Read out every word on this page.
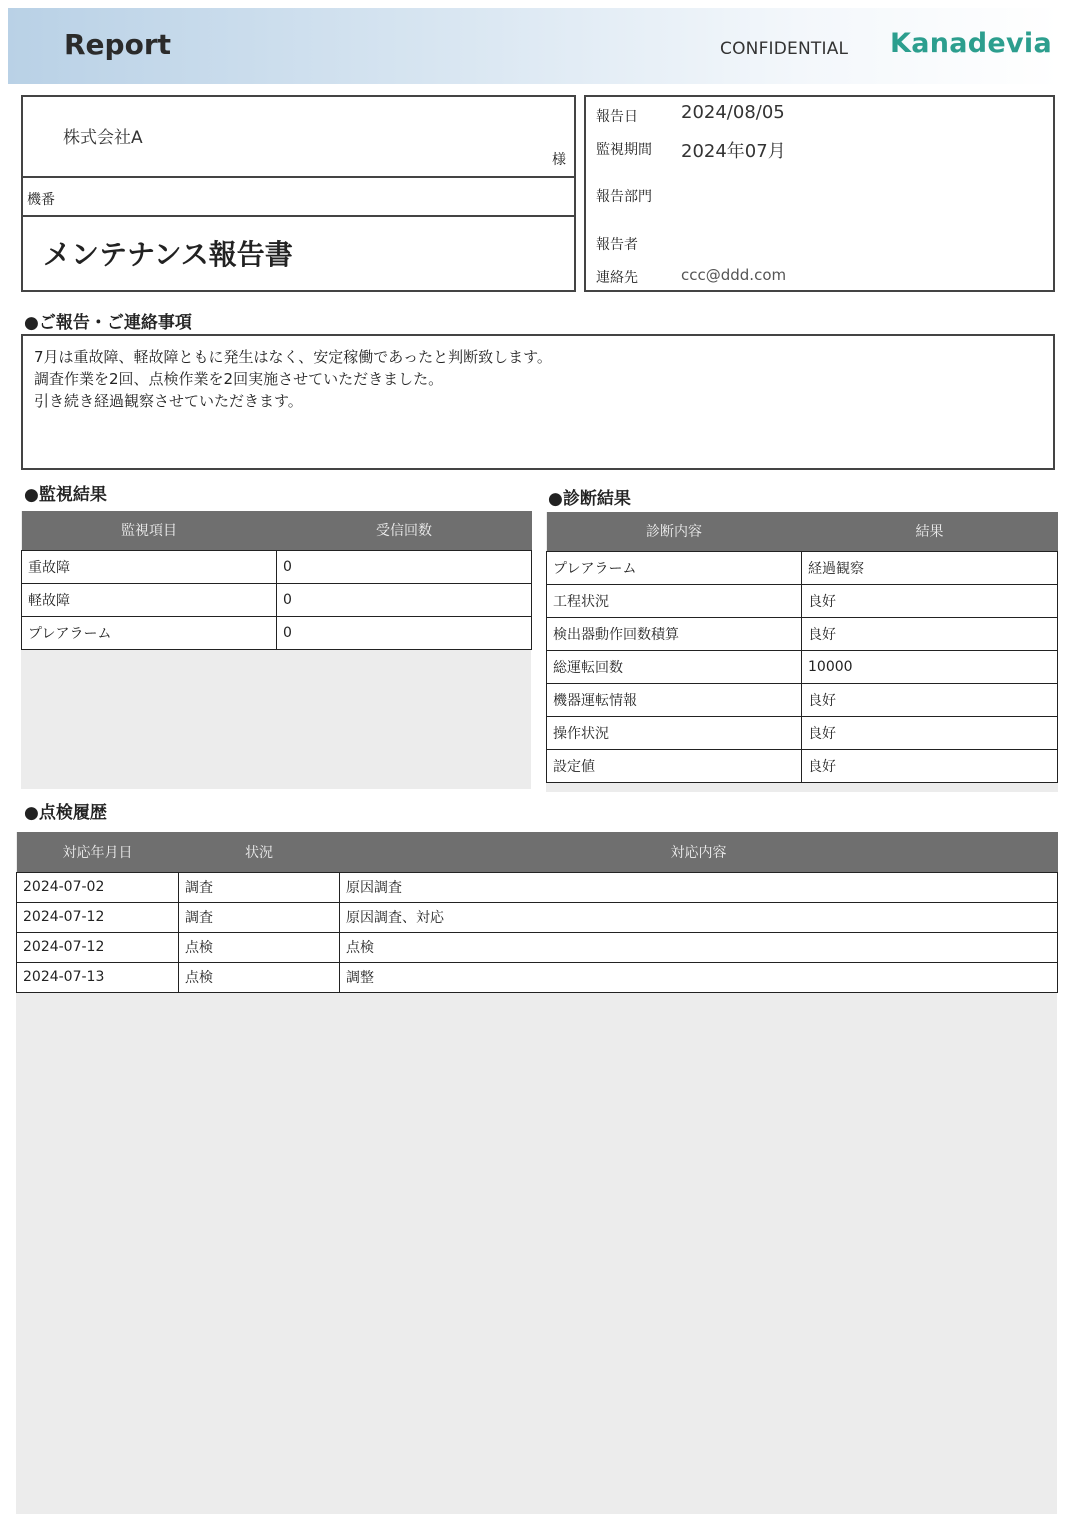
Report	CONFIDENTIAL Kanadevia
株式会社A
様
機番
メンテナンス報告書
報告日 2024/08/05
監視期間 2024年07月
報告部門
報告者
連絡先	ccc@ddd.com
●ご報告・ご連絡事項
7月は重故障、軽故障ともに発生はなく、安定稼働であったと判断致します。
調査作業を2回、点検作業を2回実施させていただきました。
引き続き経過観察させていただきます。
●監視結果
監視項目	受信回数
重故障	0
軽故障	0
プレアラーム	0
●診断結果
診断内容	結果
プレアラーム	経過観察
工程状況	良好
検出器動作回数積算	良好
総運転回数	10000
機器運転情報	良好
操作状況	良好
設定値	良好
●点検履歴
対応年月日	状況	対応内容
2024-07-02	調査	原因調査
2024-07-12	調査	原因調査、対応
2024-07-12	点検	点検
2024-07-13	点検	調整
